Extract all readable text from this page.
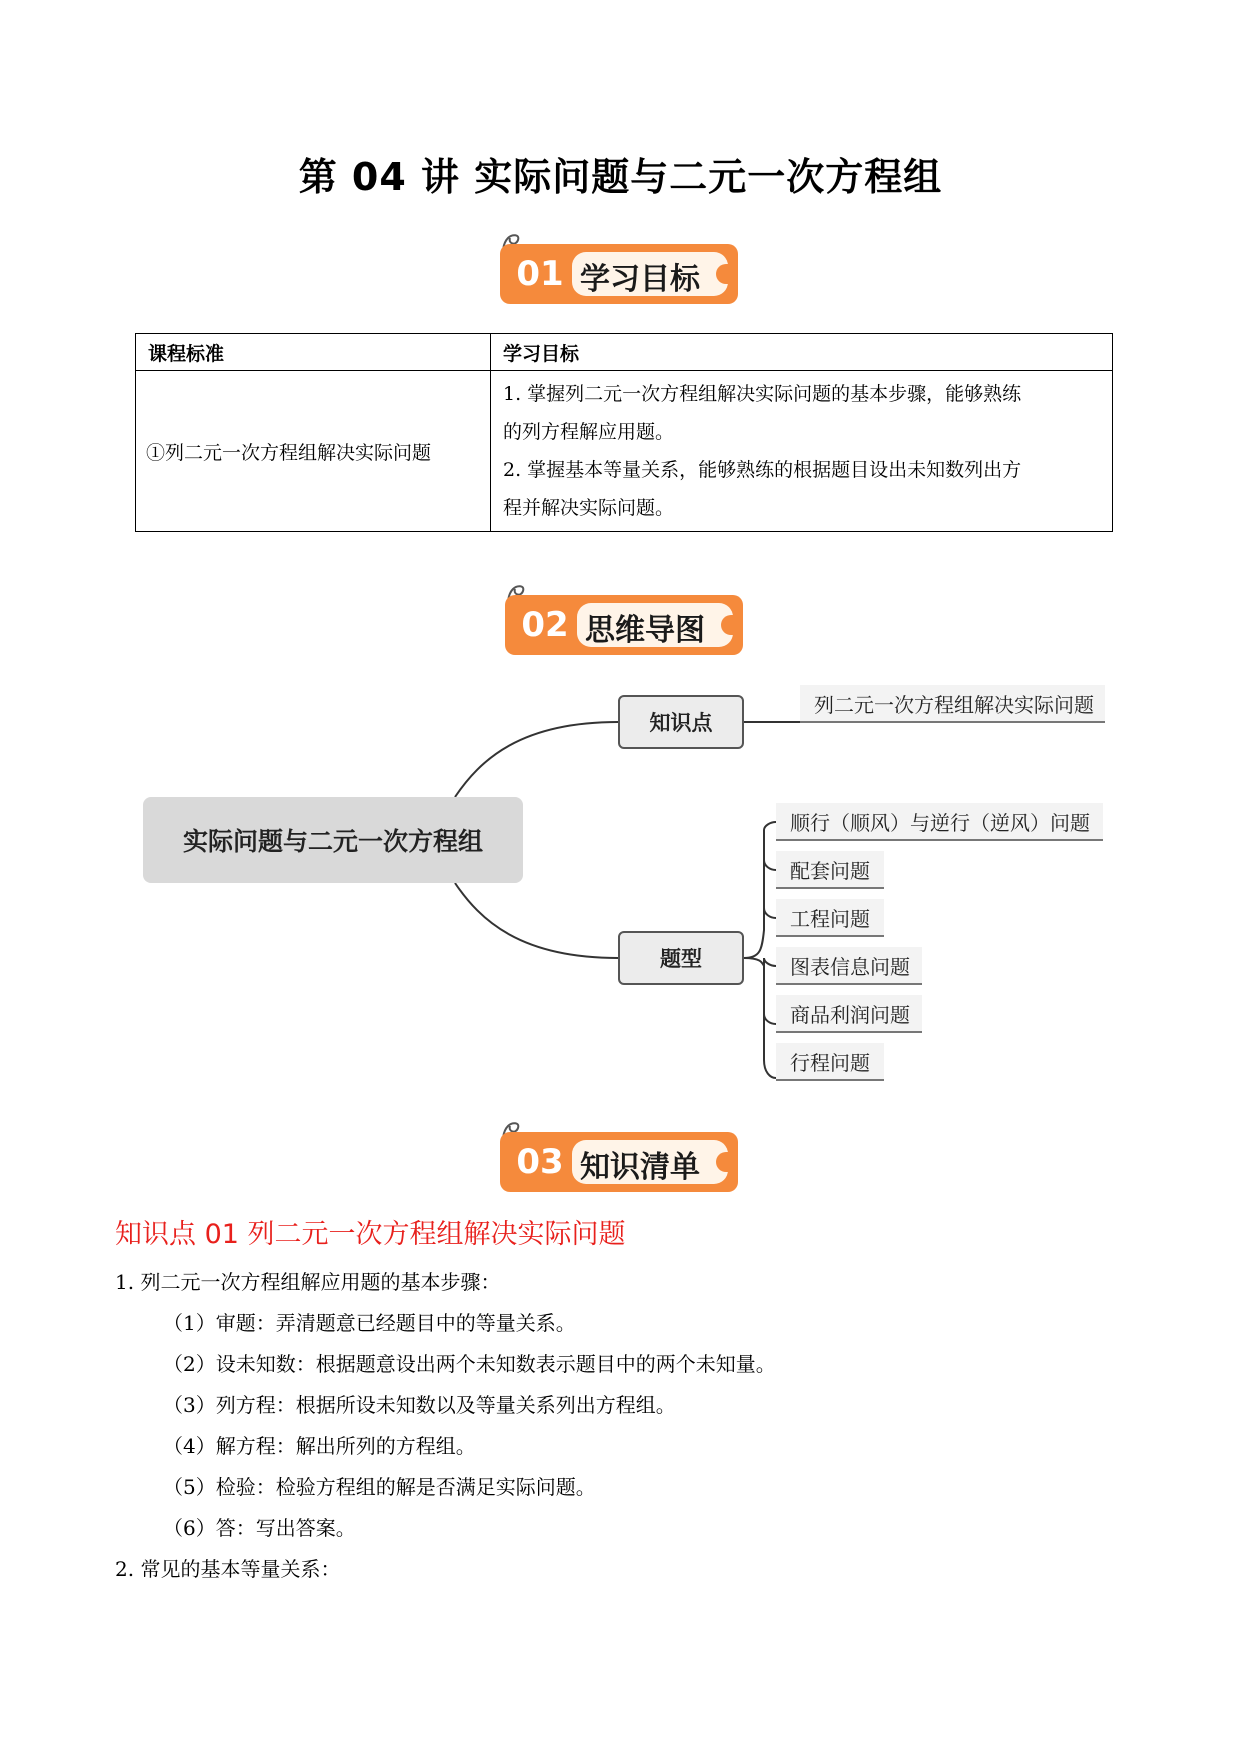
第 04 讲 实际问题与二元一次方程组
01 学习目标
课程标准	学习目标
①列二元一次方程组解决实际问题	1. 掌握列二元一次方程组解决实际问题的基本步骤，能够熟练
的列方程解应用题。
2. 掌握基本等量关系，能够熟练的根据题目设出未知数列出方
程并解决实际问题。
02 思维导图
实际问题与二元一次方程组
知识点
题型
列二元一次方程组解决实际问题
顺行（顺风）与逆行（逆风）问题
配套问题
工程问题
图表信息问题
商品利润问题
行程问题
03 知识清单
知识点 01 列二元一次方程组解决实际问题
1. 列二元一次方程组解应用题的基本步骤：
（1）审题：弄清题意已经题目中的等量关系。
（2）设未知数：根据题意设出两个未知数表示题目中的两个未知量。
（3）列方程：根据所设未知数以及等量关系列出方程组。
（4）解方程：解出所列的方程组。
（5）检验：检验方程组的解是否满足实际问题。
（6）答：写出答案。
2. 常见的基本等量关系：
